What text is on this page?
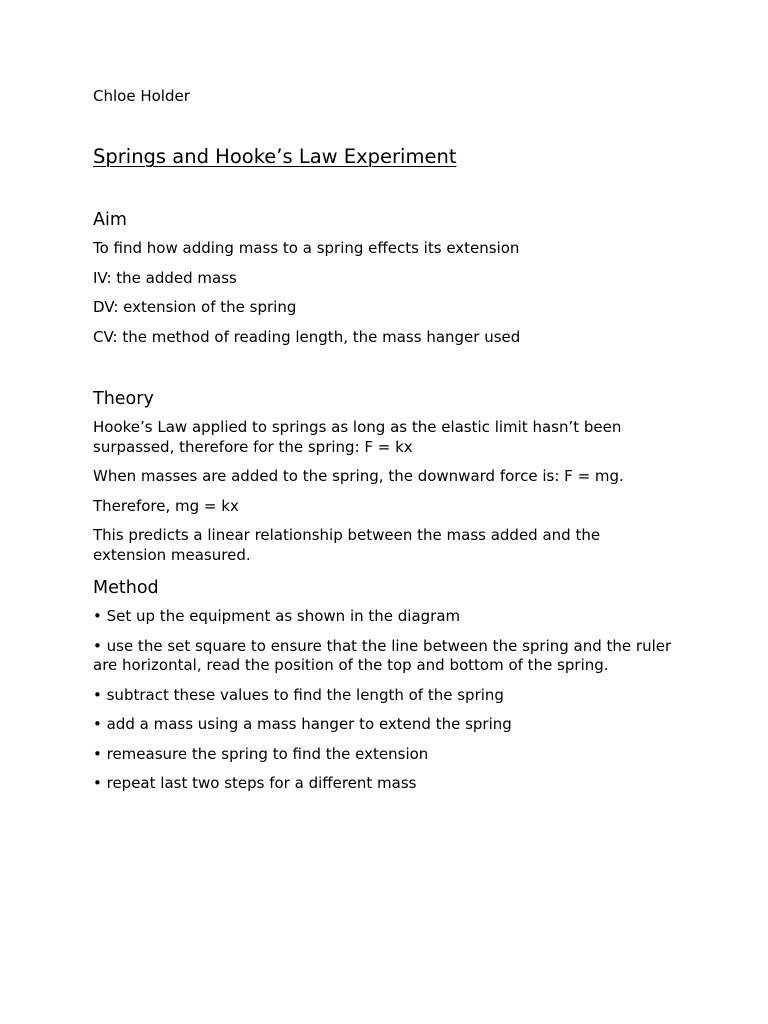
Chloe Holder

Springs and Hooke’s Law Experiment
Aim

To find how adding mass to a spring effects its extension

IV: the added mass

DV: extension of the spring

CV: the method of reading length, the mass hanger used

Theory

Hooke’s Law applied to springs as long as the elastic limit hasn’t been surpassed, therefore for the spring: F = kx

When masses are added to the spring, the downward force is: F = mg.

Therefore, mg = kx

This predicts a linear relationship between the mass added and the extension measured.

Method

• Set up the equipment as shown in the diagram

• use the set square to ensure that the line between the spring and the ruler are horizontal, read the position of the top and bottom of the spring.

• subtract these values to find the length of the spring

• add a mass using a mass hanger to extend the spring

• remeasure the spring to find the extension

• repeat last two steps for a different mass
